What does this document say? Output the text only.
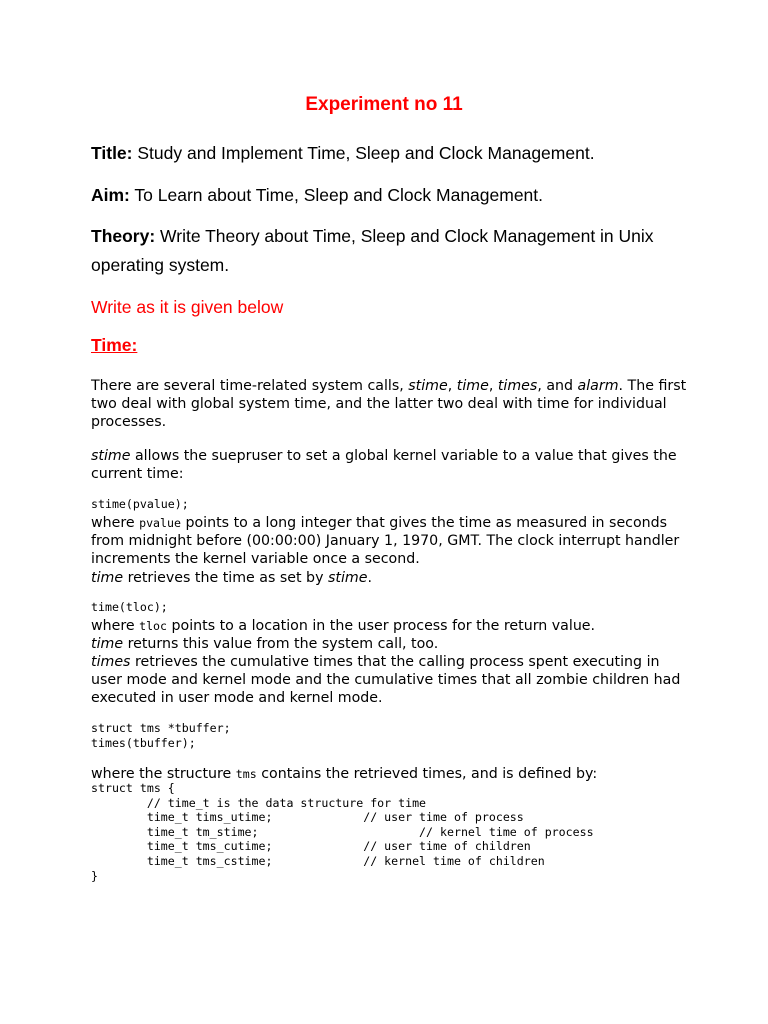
Experiment no 11
Title: Study and Implement Time, Sleep and Clock Management.
Aim: To Learn about Time, Sleep and Clock Management.
Theory: Write Theory about Time, Sleep and Clock Management in Unix operating system.
Write as it is given below
Time:
There are several time-related system calls, stime, time, times, and alarm. The first two deal with global system time, and the latter two deal with time for individual processes.
stime allows the suepruser to set a global kernel variable to a value that gives the current time:
stime(pvalue);
where pvalue points to a long integer that gives the time as measured in seconds from midnight before (00:00:00) January 1, 1970, GMT. The clock interrupt handler increments the kernel variable once a second.
time retrieves the time as set by stime.
time(tloc);
where tloc points to a location in the user process for the return value. time returns this value from the system call, too.
times retrieves the cumulative times that the calling process spent executing in user mode and kernel mode and the cumulative times that all zombie children had executed in user mode and kernel mode.
struct tms *tbuffer;
times(tbuffer);
where the structure tms contains the retrieved times, and is defined by:
struct tms {
// time_t is the data structure for time
time_t tims_utime;             // user time of process
time_t tm_stime;                       // kernel time of process
time_t tms_cutime;             // user time of children
time_t tms_cstime;             // kernel time of children
}
